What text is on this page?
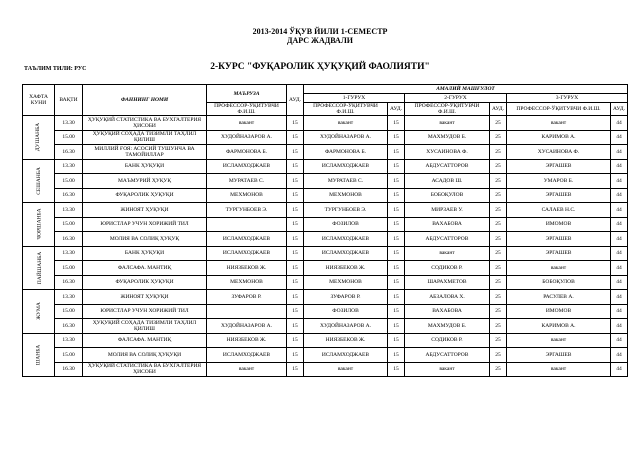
2013-2014 ЎҚУВ ЙИЛИ 1-СЕМЕСТР
ДАРС ЖАДВАЛИ
ТАЪЛИМ ТИЛИ: РУС	2-КУРС "ФУҚАРОЛИК ҲУҚУҚИЙ ФАОЛИЯТИ"
ХАФТА КУНИ	ВАҚТИ	ФАННИНГ НОМИ	МАЪРУЗА	АУД.	АМАЛИЙ МАШҒУЛОТ					
					1-ГУРУХ		2-ГУРУХ		3-ГУРУХ	
			ПРОФЕССОР-ЎҚИТУВЧИ Ф.И.Ш.		ПРОФЕССОР-ЎҚИТУВЧИ Ф.И.Ш.	АУД.	ПРОФЕССОР-ЎҚИТУВЧИ Ф.И.Ш.	АУД.	ПРОФЕССОР-ЎҚИТУВЧИ Ф.И.Ш.	АУД.
ДУШАНБА	13.30	ҲУҚУҚИЙ СТАТИСТИКА ВА БУХГАЛТЕРИЯ ҲИСОБИ	вакант	15	вакант	15	вакант	25	вакант	44
	15.00	ҲУҚУҚИЙ СОҲАДА ТИЗИМЛИ ТАҲЛИЛ ҚИЛИШ	ХУДОЙНАЗАРОВ А.	15	ХУДОЙНАЗАРОВ А.	15	МАХМУДОВ Б.	25	КАРИМОВ А.	44
	16.30	МИЛЛИЙ ҒОЯ: АСОСИЙ ТУШУНЧА ВА ТАМОЙИЛЛАР	ФАРМОНОВА Б.	15	ФАРМОНОВА Б.	15	ХУСАИНОВА Ф.	25	ХУСАИНОВА Ф.	44
СЕШАНБА	13.30	БАНК ҲУҚУҚИ	ИСЛАМХОДЖАЕВ	15	ИСЛАМХОДЖАЕВ	15	АБДУСАТТОРОВ	25	ЭРГАШЕВ	44
	15.00	МАЪМУРИЙ ҲУҚУҚ	МУРАТАЕВ С.	15	МУРАТАЕВ С.	15	АСАДОВ Ш.	25	УМАРОВ Б.	44
	16.30	ФУҚАРОЛИК ҲУҚУҚИ	МЕХМОНОВ	15	МЕХМОНОВ	15	БОБОҚУЛОВ	25	ЭРГАШЕВ	44
ЧОРШАНБА	13.30	ЖИНОЯТ ҲУҚУҚИ	ТУРГУНБОЕВ Э.	15	ТУРГУНБОЕВ Э.	15	МИРЗАЕВ У.	25	САЛАЕВ Н.С.	44
	15.00	ЮРИСТЛАР УЧУН ХОРИЖИЙ ТИЛ		15	ФОЗИЛОВ	15	ВАХАБОВА	25	ИМОМОВ	44
	16.30	МОЛИЯ ВА СОЛИҚ ҲУҚУҚ	ИСЛАМХОДЖАЕВ	15	ИСЛАМХОДЖАЕВ	15	АБДУСАТТОРОВ	25	ЭРГАШЕВ	44
ПАЙШАНБА	13.30	БАНК ҲУҚУҚИ	ИСЛАМХОДЖАЕВ	15	ИСЛАМХОДЖАЕВ	15	вакант	25	ЭРГАШЕВ	44
	15.00	ФАЛСАФА. МАНТИҚ	НИЯЗБЕКОВ Ж.	15	НИЯЗБЕКОВ Ж.	15	СОДИКОВ Р.	25	вакант	44
	16.30	ФУҚАРОЛИК ҲУҚУҚИ	МЕХМОНОВ	15	МЕХМОНОВ	15	ШАРАХМЕТОВ	25	БОБОҚУЛОВ	44
ЖУМА	13.30	ЖИНОЯТ ҲУҚУҚИ	ЗУФАРОВ Р.	15	ЗУФАРОВ Р.	15	АБЗАЛОВА Х.	25	РАСУЛЕВ А.	44
	15.00	ЮРИСТЛАР УЧУН ХОРИЖИЙ ТИЛ		15	ФОЗИЛОВ	15	ВАХАБОВА	25	ИМОМОВ	44
	16.30	ҲУҚУҚИЙ СОҲАДА ТИЗИМЛИ ТАҲЛИЛ ҚИЛИШ	ХУДОЙНАЗАРОВ А.	15	ХУДОЙНАЗАРОВ А.	15	МАХМУДОВ Б.	25	КАРИМОВ А.	44
ШАНБА	13.30	ФАЛСАФА. МАНТИҚ	НИЯЗБЕКОВ Ж.	15	НИЯЗБЕКОВ Ж.	15	СОДИКОВ Р.	25	вакант	44
	15.00	МОЛИЯ ВА СОЛИҚ ҲУҚУҚИ	ИСЛАМХОДЖАЕВ	15	ИСЛАМХОДЖАЕВ	15	АБДУСАТТОРОВ	25	ЭРГАШЕВ	44
	16.30	ҲУҚУҚИЙ СТАТИСТИКА ВА БУХГАЛТЕРИЯ ҲИСОБИ	вакант	15	вакант	15	вакант	25	вакант	44
